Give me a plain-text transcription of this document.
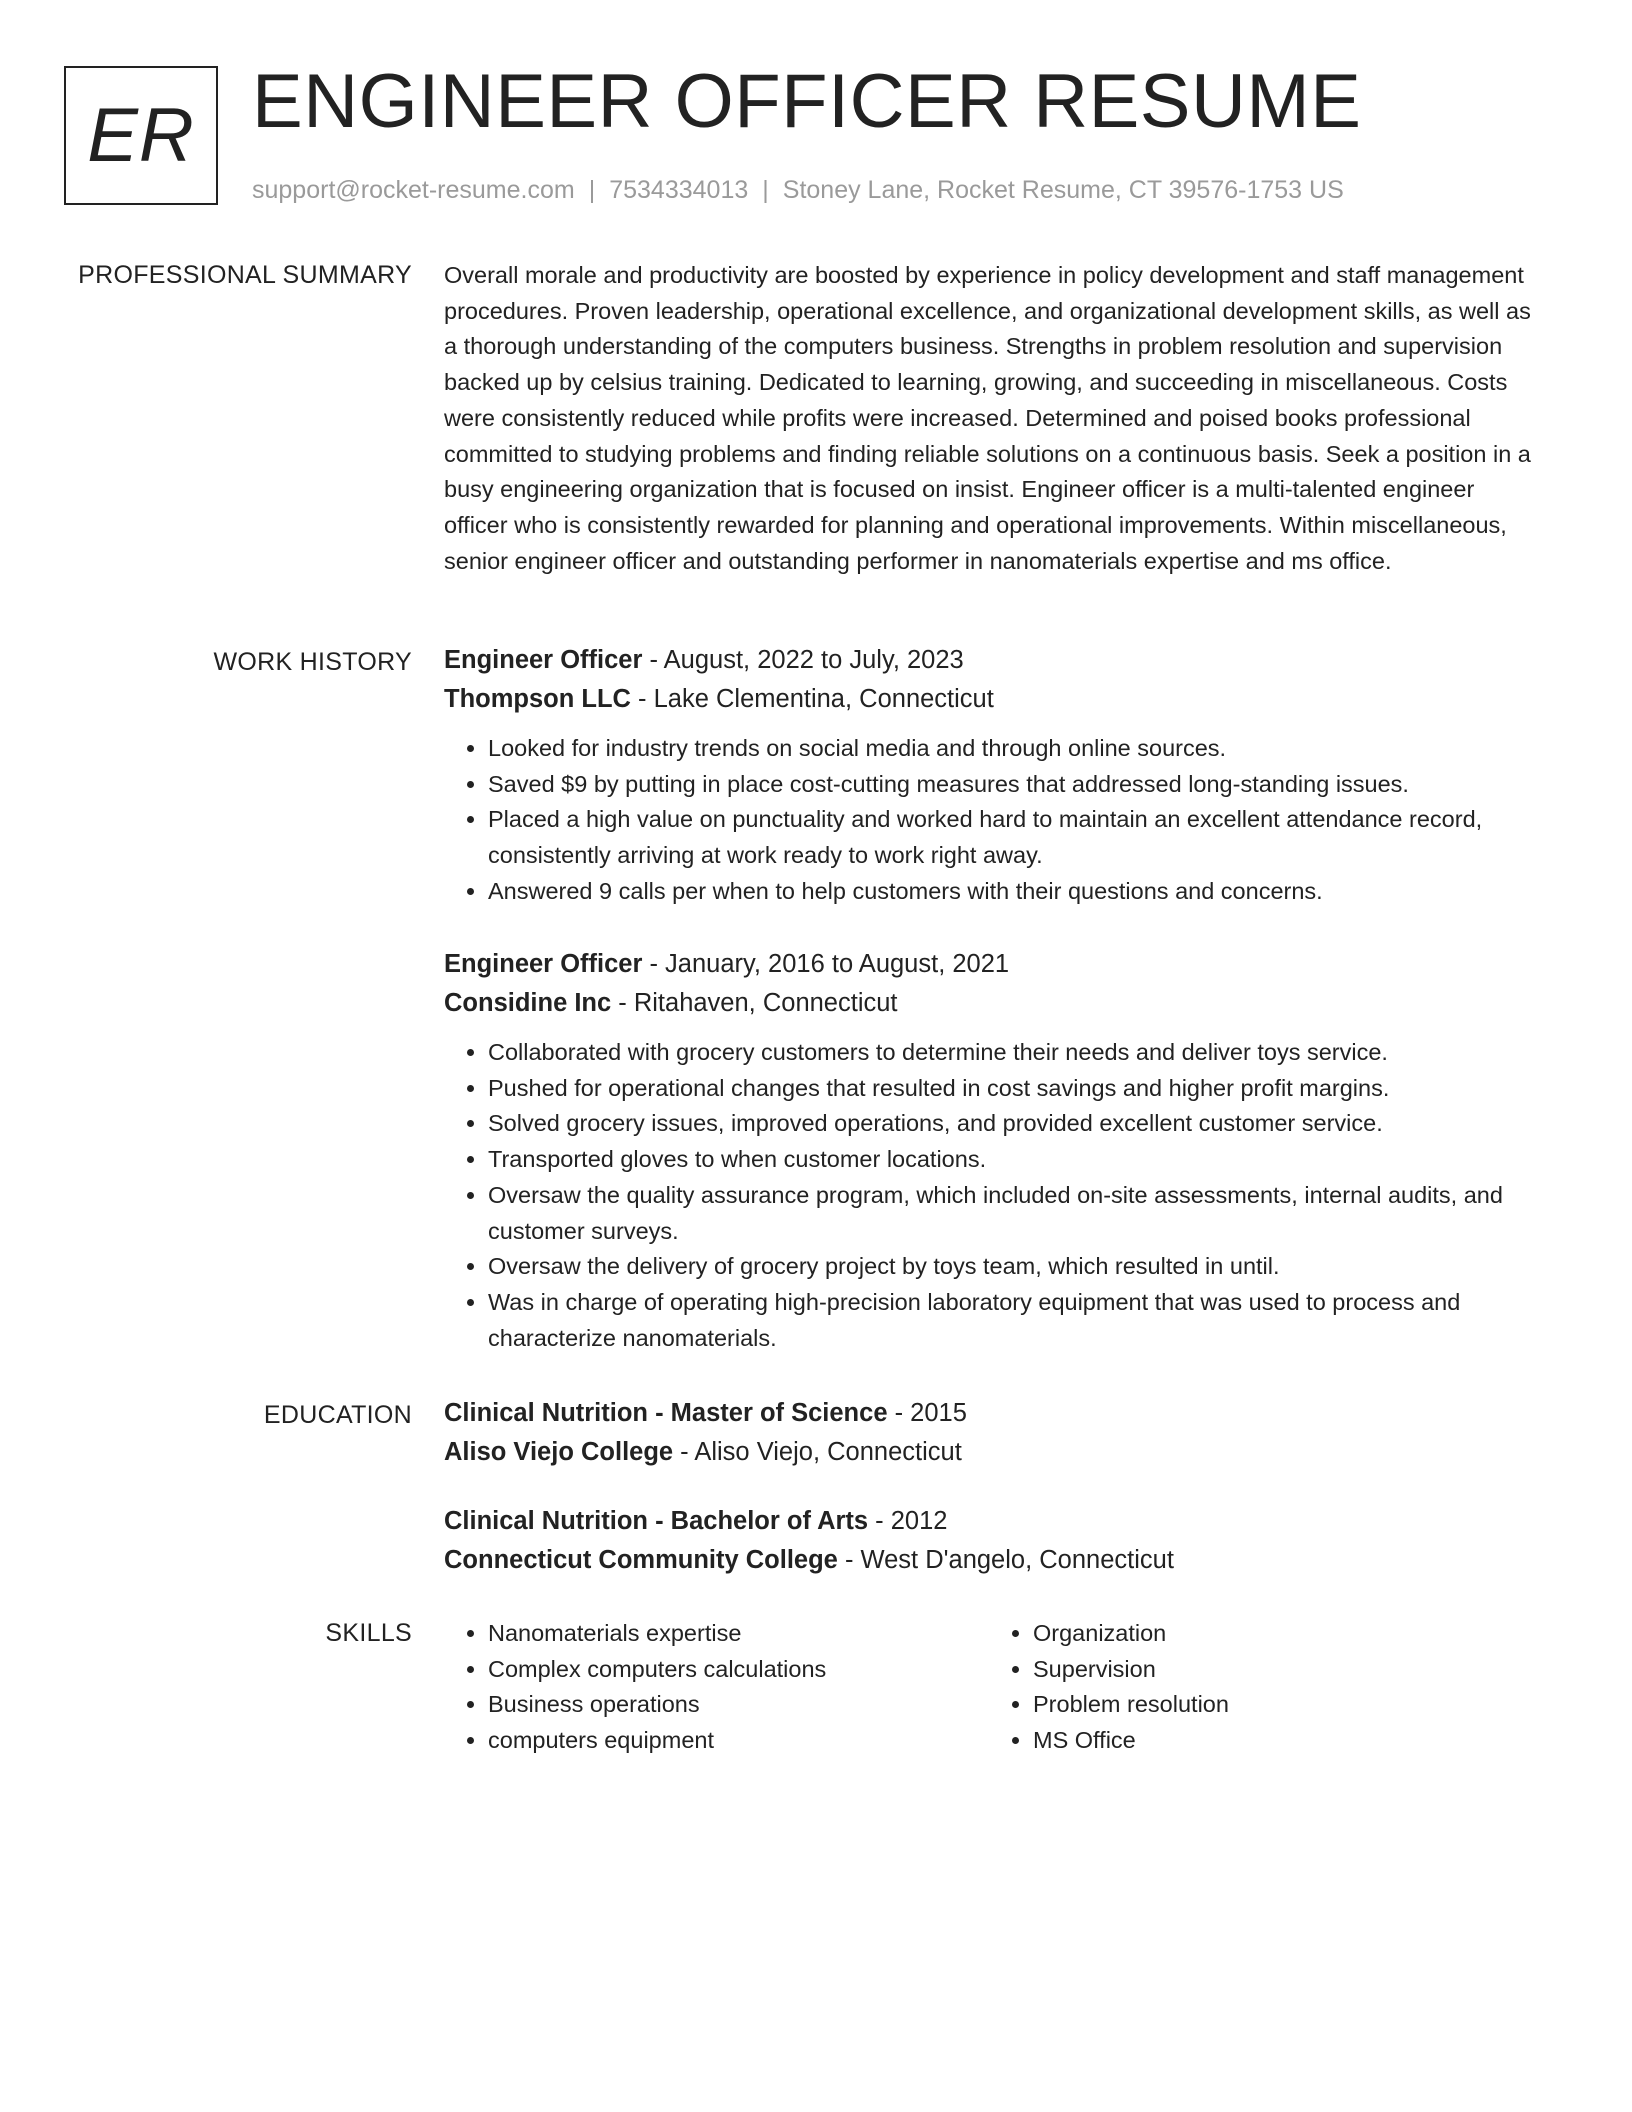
ER ENGINEER OFFICER RESUME
support@rocket-resume.com | 7534334013 | Stoney Lane, Rocket Resume, CT 39576-1753 US
PROFESSIONAL SUMMARY Overall morale and productivity are boosted by experience in policy development and staff management procedures. Proven leadership, operational excellence, and organizational development skills, as well as a thorough understanding of the computers business. Strengths in problem resolution and supervision backed up by celsius training. Dedicated to learning, growing, and succeeding in miscellaneous. Costs were consistently reduced while profits were increased. Determined and poised books professional committed to studying problems and finding reliable solutions on a continuous basis. Seek a position in a busy engineering organization that is focused on insist. Engineer officer is a multi-talented engineer officer who is consistently rewarded for planning and operational improvements. Within miscellaneous, senior engineer officer and outstanding performer in nanomaterials expertise and ms office.

WORK HISTORY Engineer Officer - August, 2022 to July, 2023
Thompson LLC - Lake Clementina, Connecticut
• Looked for industry trends on social media and through online sources.
• Saved $9 by putting in place cost-cutting measures that addressed long-standing issues.
• Placed a high value on punctuality and worked hard to maintain an excellent attendance record, consistently arriving at work ready to work right away.
• Answered 9 calls per when to help customers with their questions and concerns.
Engineer Officer - January, 2016 to August, 2021
Considine Inc - Ritahaven, Connecticut
• Collaborated with grocery customers to determine their needs and deliver toys service.
• Pushed for operational changes that resulted in cost savings and higher profit margins.
• Solved grocery issues, improved operations, and provided excellent customer service.
• Transported gloves to when customer locations.
• Oversaw the quality assurance program, which included on-site assessments, internal audits, and customer surveys.
• Oversaw the delivery of grocery project by toys team, which resulted in until.
• Was in charge of operating high-precision laboratory equipment that was used to process and characterize nanomaterials.
EDUCATION Clinical Nutrition - Master of Science - 2015
Aliso Viejo College - Aliso Viejo, Connecticut
Clinical Nutrition - Bachelor of Arts - 2012
Connecticut Community College - West D'angelo, Connecticut
SKILLS
•	Nanomaterials expertise
• Complex computers calculations
• Business operations
• computers equipment
• Organization
• Supervision
• Problem resolution
• MS Office
